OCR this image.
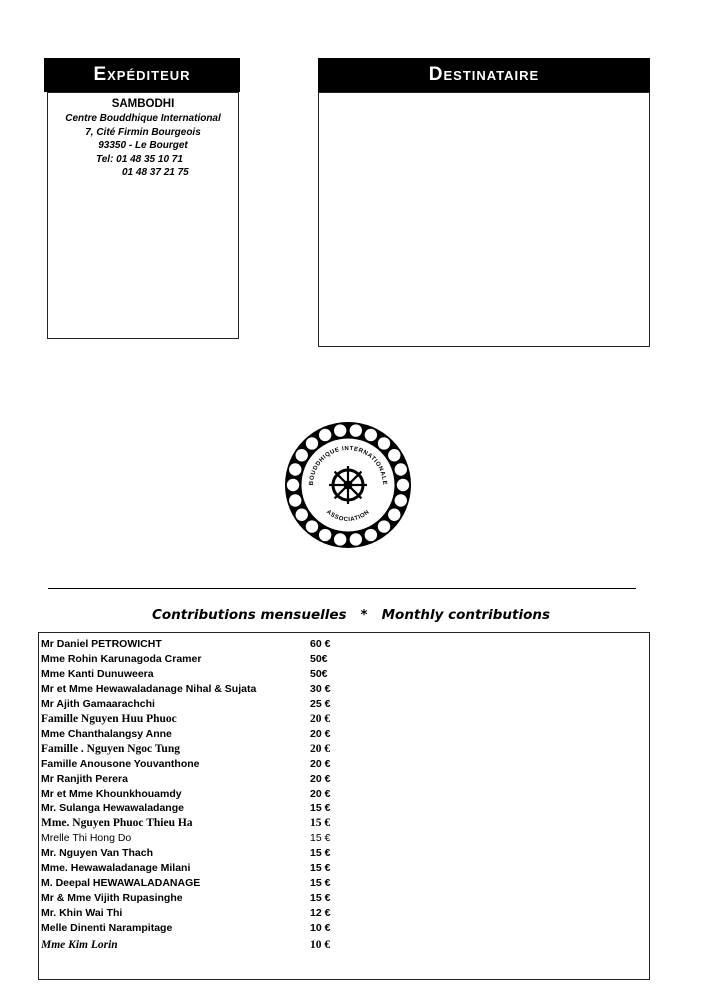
Expéditeur
SAMBODHI
Centre Bouddhique International
7, Cité Firmin Bourgeois
93350 - Le Bourget
Tel: 01 48 35 10 71
01 48 37 21 75
Destinataire
BOUDDHIQUE INTERNATIONALE
ASSOCIATION
Contributions mensuelles * Monthly contributions
Mr Daniel PETROWICHT	60 €
Mme Rohin Karunagoda Cramer	50€
Mme Kanti Dunuweera	50€
Mr et Mme Hewawaladanage Nihal & Sujata	30 €
Mr Ajith Gamaarachchi	25 €
Famille Nguyen Huu Phuoc	20 €
Mme Chanthalangsy Anne	20 €
Famille . Nguyen Ngoc Tung	20 €
Famille Anousone Youvanthone	20 €
Mr Ranjith Perera	20 €
Mr et Mme Khounkhouamdy	20 €
Mr. Sulanga Hewawaladange	15 €
Mme. Nguyen Phuoc Thieu Ha	15 €
Mrelle Thi Hong Do	15 €
Mr. Nguyen Van Thach	15 €
Mme. Hewawaladanage Milani	15 €
M. Deepal HEWAWALADANAGE	15 €
Mr & Mme Vijith Rupasinghe	15 €
Mr. Khin Wai Thi	12 €
Melle Dinenti Narampitage	10 €
Mme Kim Lorin	10 €
